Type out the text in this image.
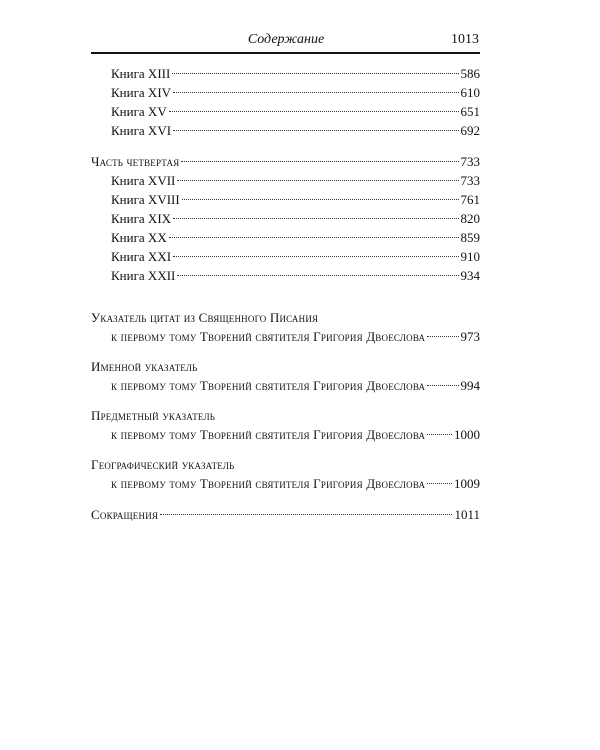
Содержание	1013
Книга XIII	586
Книга XIV	610
Книга XV	651
Книга XVI	692
Часть четвертая	733
Книга XVII	733
Книга XVIII	761
Книга XIX	820
Книга XX	859
Книга XXI	910
Книга XXII	934
Указатель цитат из Священного Писания
к первому тому Творений святителя Григория Двоеслова	973
Именной указатель
к первому тому Творений святителя Григория Двоеслова	994
Предметный указатель
к первому тому Творений святителя Григория Двоеслова 1000
Географический указатель
к первому тому Творений святителя Григория Двоеслова 1009
Сокращения	1011
